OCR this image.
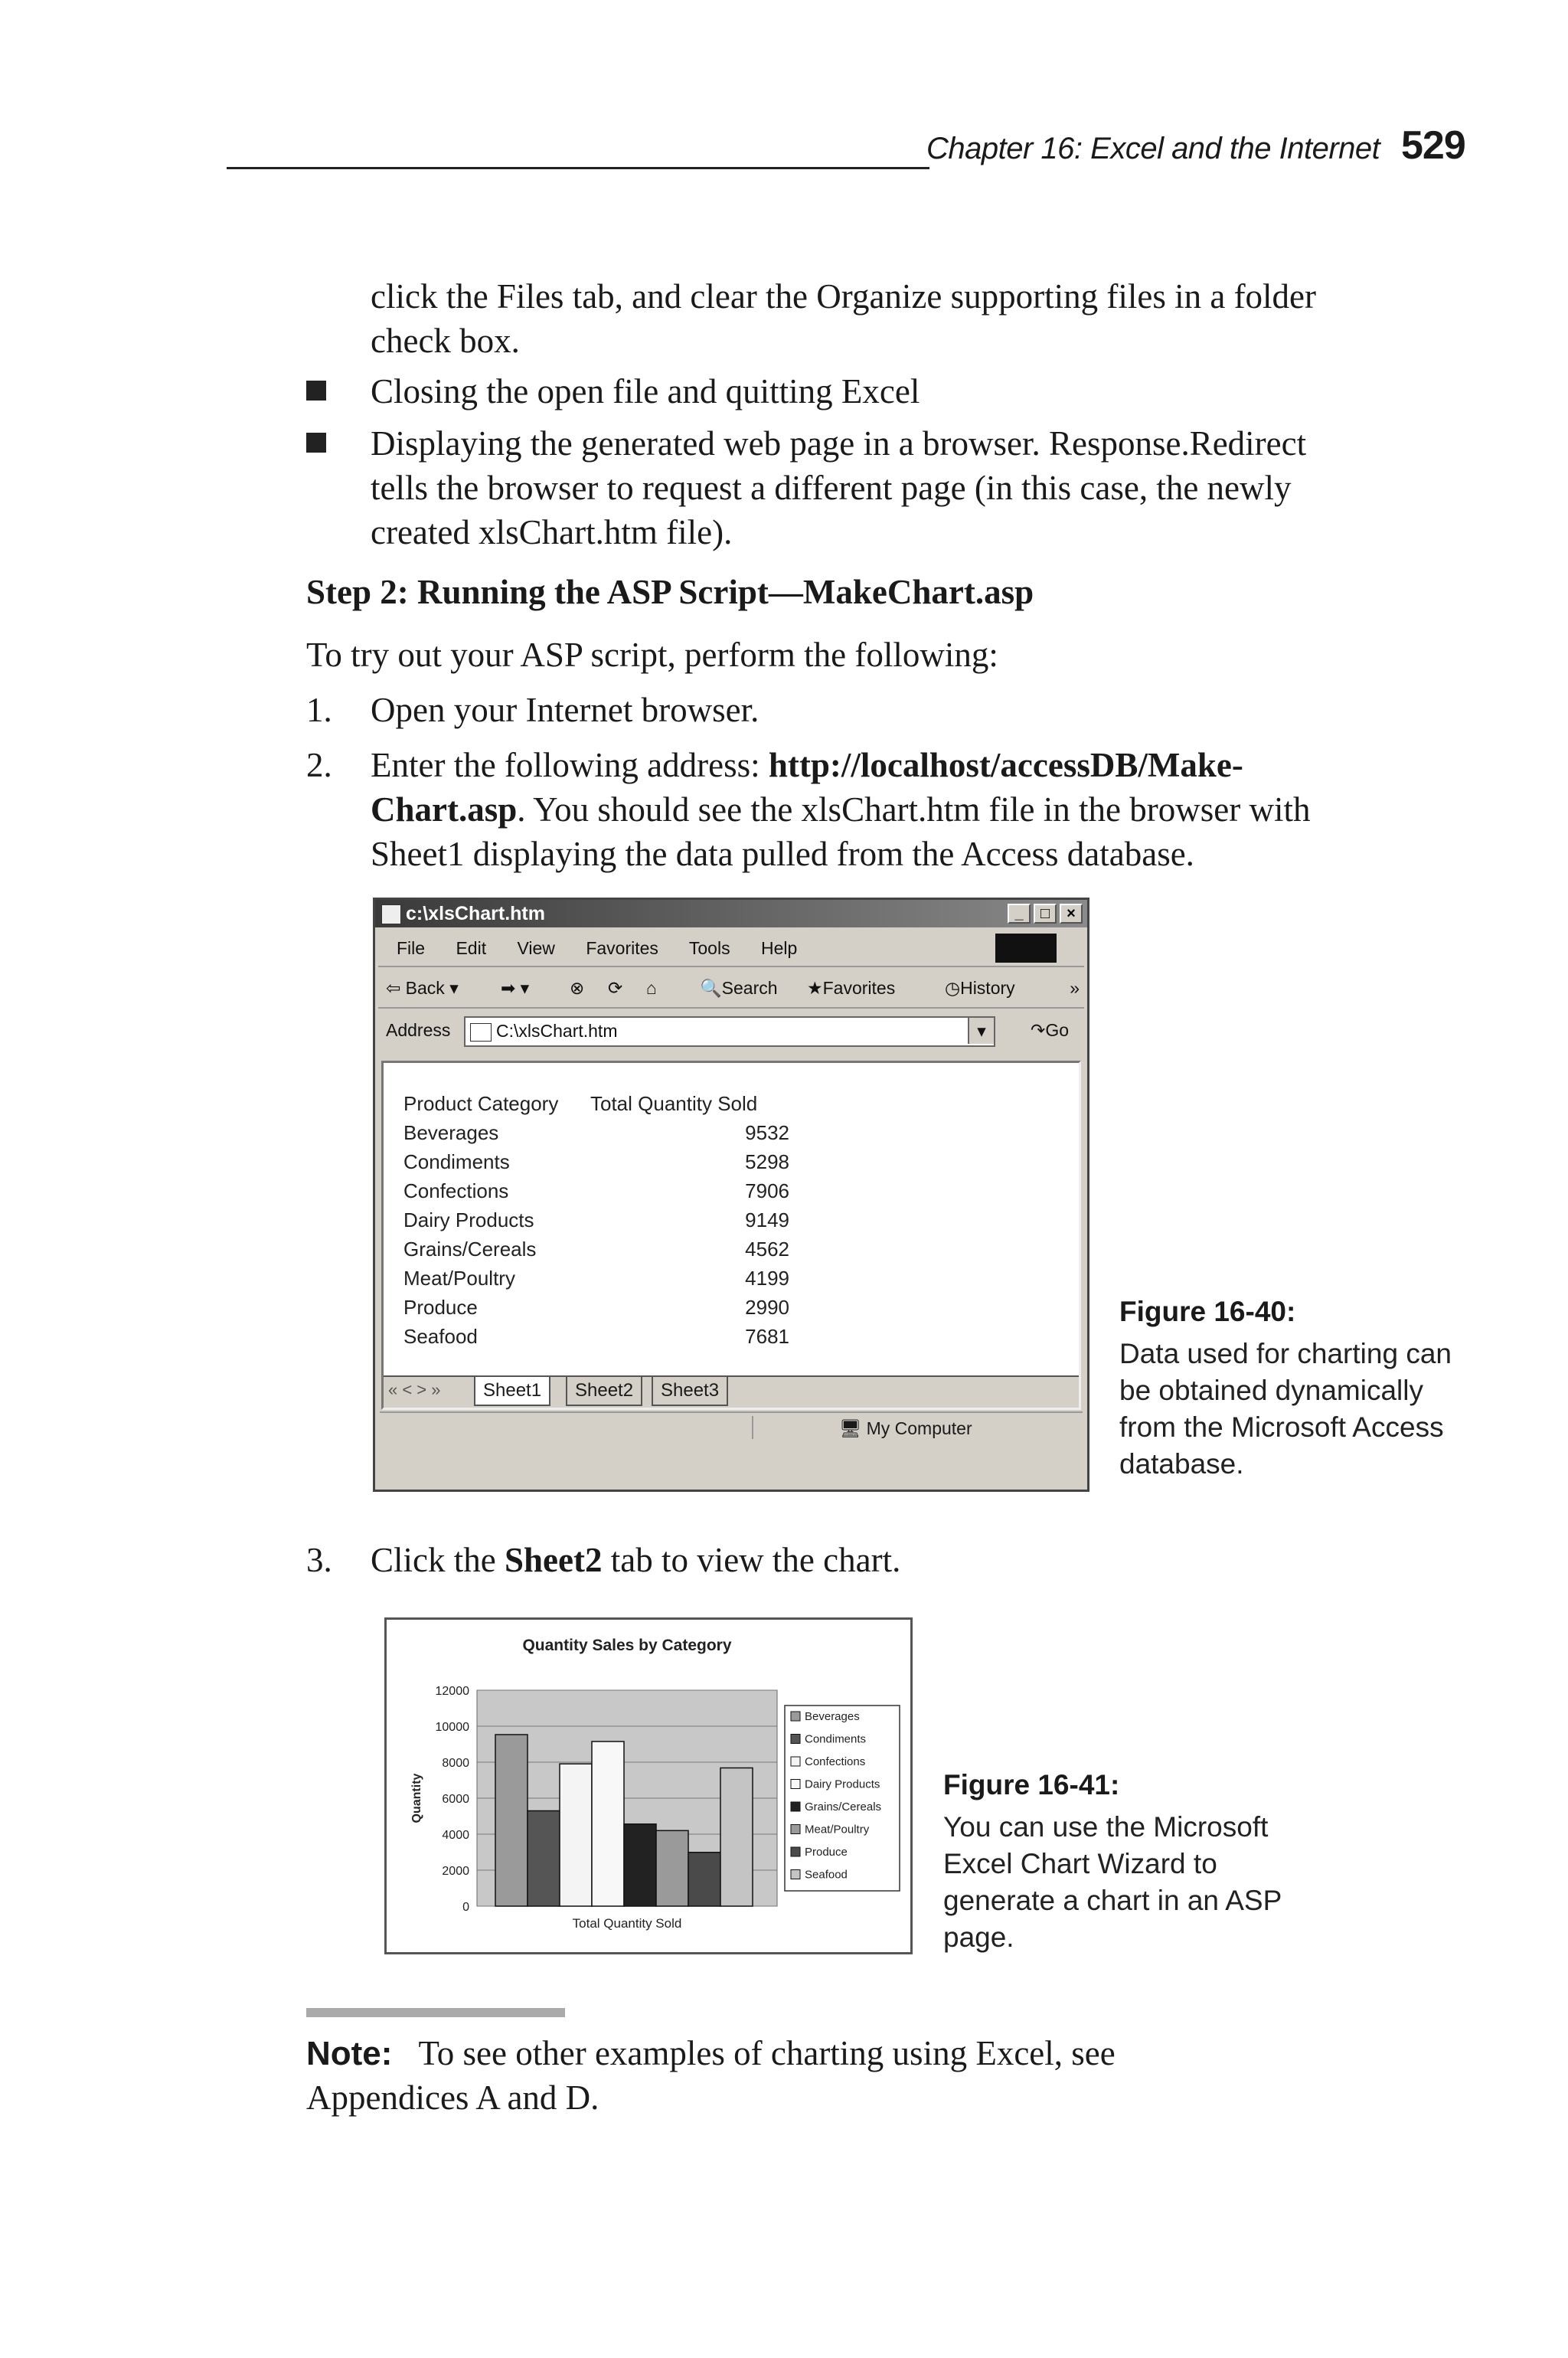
Chapter 16: Excel and the Internet 529
click the Files tab, and clear the Organize supporting files in a folder
check box.
Closing the open file and quitting Excel
Displaying the generated web page in a browser. Response.Redirect
tells the browser to request a different page (in this case, the newly
created xlsChart.htm file).
Step 2: Running the ASP Script—MakeChart.asp
To try out your ASP script, perform the following:
1. Open your Internet browser.
2. Enter the following address: http://localhost/accessDB/Make-
Chart.asp. You should see the xlsChart.htm file in the browser with
Sheet1 displaying the data pulled from the Access database.
c:\xlsChart.htm	_	□	×
File Edit View Favorites Tools Help
⇦ Back ▾ ➡ ▾ ⊗ ⟳ ⌂ 🔍Search ★Favorites	◷History	»
Address	C:\xlsChart.htm	▾	↷Go
Product Category Total Quantity Sold
Beverages	9532
Condiments	5298
Confections	7906
Dairy Products	9149
Grains/Cereals	4562
Meat/Poultry	4199
Produce	2990
Seafood	7681
« < > »	Sheet1	Sheet2	Sheet3
🖥 My Computer
Figure 16-40:
Data used for charting can
be obtained dynamically
from the Microsoft Access
database.
3. Click the Sheet2 tab to view the chart.
Quantity Sales by Category
12000
10000
8000
6000
4000
2000
0
Quantity
Total Quantity Sold
Beverages
Condiments
Confections
Dairy Products
Grains/Cereals
Meat/Poultry
Produce
Seafood
Figure 16-41:
You can use the Microsoft
Excel Chart Wizard to
generate a chart in an ASP
page.
Note: To see other examples of charting using Excel, see
Appendices A and D.
